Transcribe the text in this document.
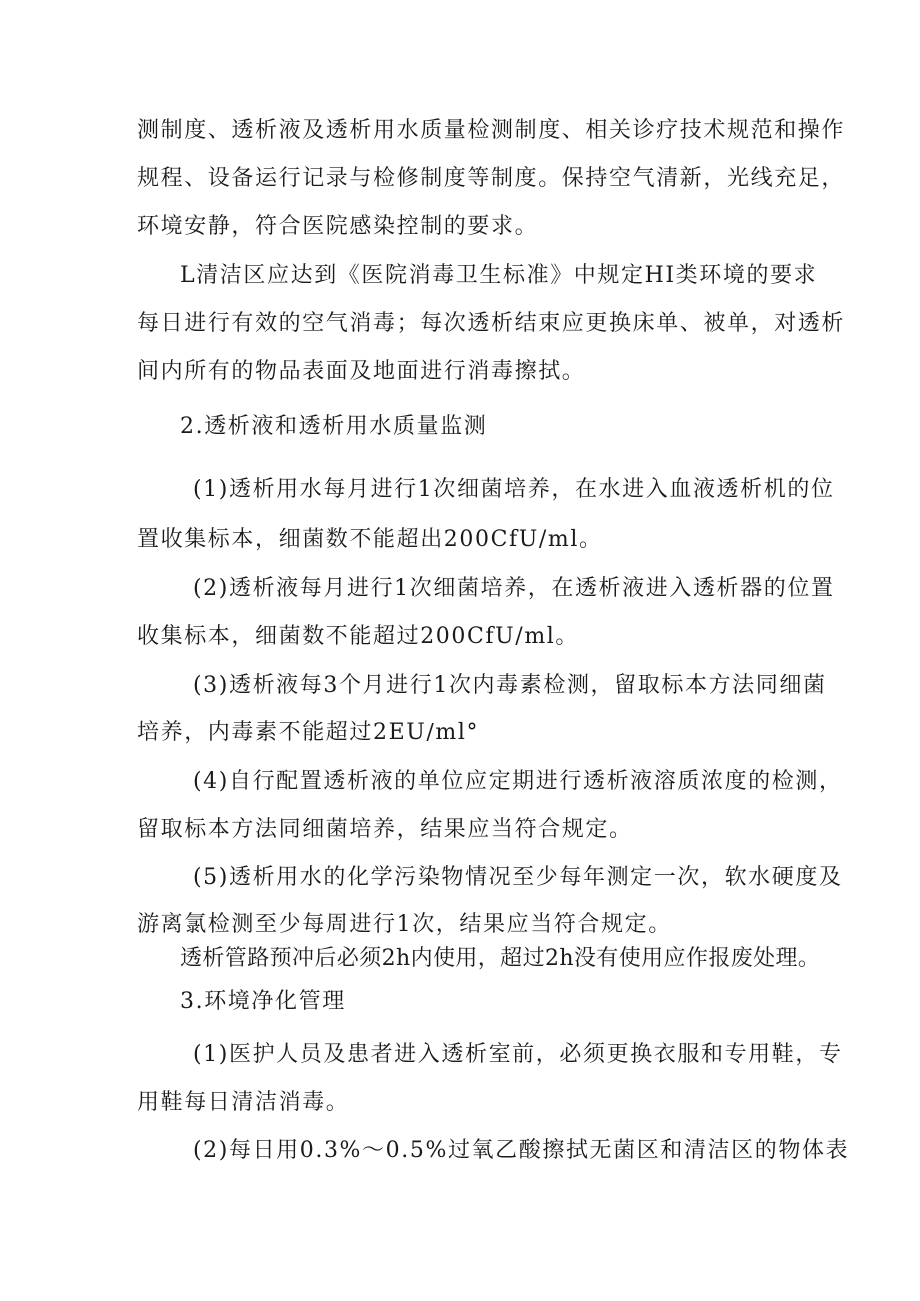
测制度、透析液及透析用水质量检测制度、相关诊疗技术规范和操作
规程、设备运行记录与检修制度等制度。保持空气清新，光线充足，
环境安静，符合医院感染控制的要求。
L清洁区应达到《医院消毒卫生标准》中规定HI类环境的要求
每日进行有效的空气消毒；每次透析结束应更换床单、被单，对透析
间内所有的物品表面及地面进行消毒擦拭。
2.透析液和透析用水质量监测
(1)透析用水每月进行1次细菌培养，在水进入血液透析机的位
置收集标本，细菌数不能超出200CfU/ml。
(2)透析液每月进行1次细菌培养，在透析液进入透析器的位置
收集标本，细菌数不能超过200CfU/ml。
(3)透析液每3个月进行1次内毒素检测，留取标本方法同细菌
培养，内毒素不能超过2EU∕ml°
(4)自行配置透析液的单位应定期进行透析液溶质浓度的检测，
留取标本方法同细菌培养，结果应当符合规定。
(5)透析用水的化学污染物情况至少每年测定一次，软水硬度及
游离氯检测至少每周进行1次，结果应当符合规定。
透析管路预冲后必须2h内使用，超过2h没有使用应作报废处理。
3.环境净化管理
(1)医护人员及患者进入透析室前，必须更换衣服和专用鞋，专
用鞋每日清洁消毒。
(2)每日用0.3%～0.5%过氧乙酸擦拭无菌区和清洁区的物体表
